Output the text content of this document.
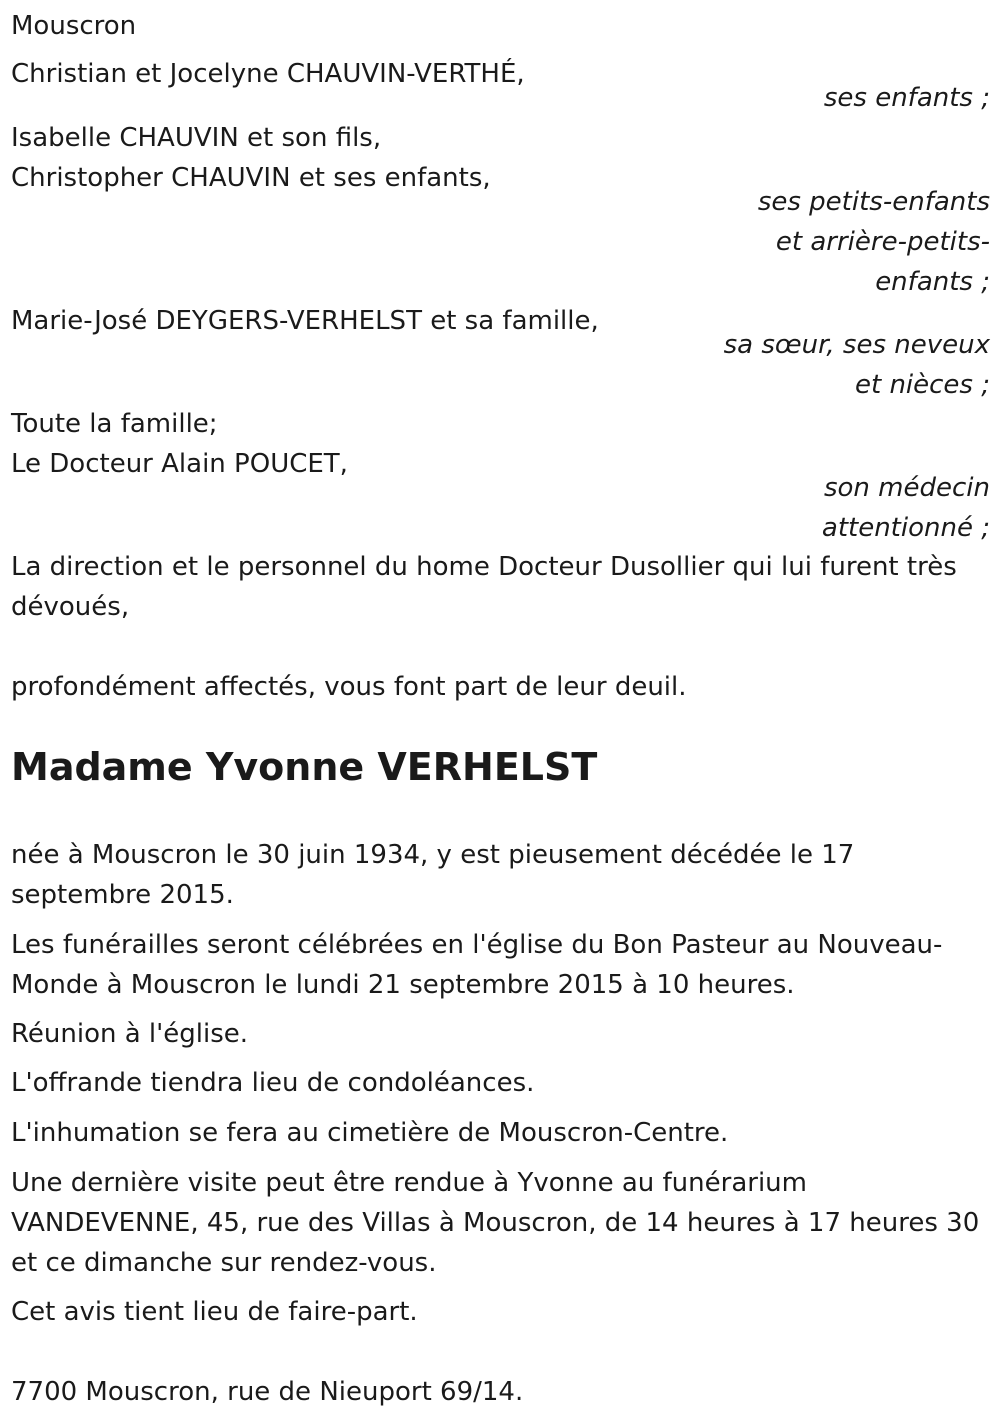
Mouscron
Christian et Jocelyne CHAUVIN-VERTHÉ,
ses enfants ;
Isabelle CHAUVIN et son fils,
Christopher CHAUVIN et ses enfants,
ses petits-enfants
et arrière-petits-
enfants ;
Marie-José DEYGERS-VERHELST et sa famille,
sa sœur, ses neveux
et nièces ;
Toute la famille;
Le Docteur Alain POUCET,
son médecin
attentionné ;
La direction et le personnel du home Docteur Dusollier qui lui furent très dévoués,
profondément affectés, vous font part de leur deuil.
Madame Yvonne VERHELST
née à Mouscron le 30 juin 1934, y est pieusement décédée le 17 septembre 2015.
Les funérailles seront célébrées en l'église du Bon Pasteur au Nouveau-Monde à Mouscron le lundi 21 septembre 2015 à 10 heures.
Réunion à l'église.
L'offrande tiendra lieu de condoléances.
L'inhumation se fera au cimetière de Mouscron-Centre.
Une dernière visite peut être rendue à Yvonne au funérarium VANDEVENNE, 45, rue des Villas à Mouscron, de 14 heures à 17 heures 30 et ce dimanche sur rendez-vous.
Cet avis tient lieu de faire-part.
7700 Mouscron, rue de Nieuport 69/14.
